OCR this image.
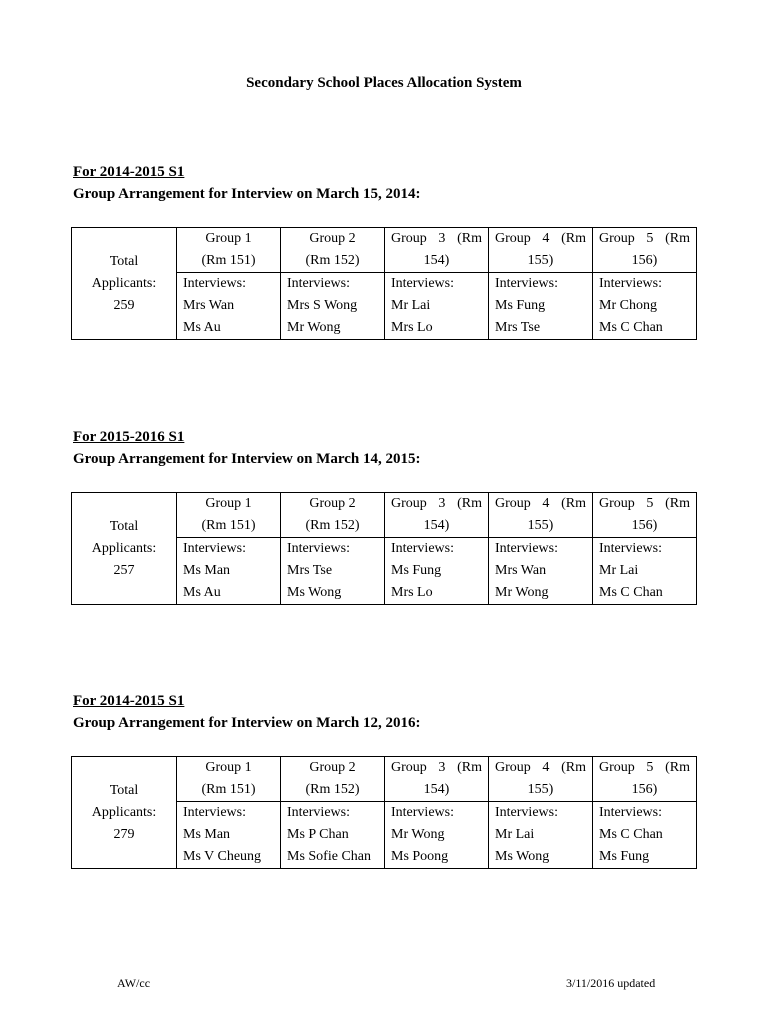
Secondary School Places Allocation System
For 2014-2015 S1
Group Arrangement for Interview on March 15, 2014:
Total
Applicants:
259	Group 1
(Rm 151)	Group 2
(Rm 152)	Group 3 (Rm
154)	Group 4 (Rm
155)	Group 5 (Rm
156)

	Interviews:
Mrs Wan
Ms Au	Interviews:
Mrs S Wong
Mr Wong	Interviews:
Mr Lai
Mrs Lo	Interviews:
Ms Fung
Mrs Tse	Interviews:
Mr Chong
Ms C Chan
For 2015-2016 S1
Group Arrangement for Interview on March 14, 2015:
Total
Applicants:
257	Group 1
(Rm 151)	Group 2
(Rm 152)	Group 3 (Rm
154)	Group 4 (Rm
155)	Group 5 (Rm
156)

	Interviews:
Ms Man
Ms Au	Interviews:
Mrs Tse
Ms Wong	Interviews:
Ms Fung
Mrs Lo	Interviews:
Mrs Wan
Mr Wong	Interviews:
Mr Lai
Ms C Chan
For 2014-2015 S1
Group Arrangement for Interview on March 12, 2016:
Total
Applicants:
279	Group 1
(Rm 151)	Group 2
(Rm 152)	Group 3 (Rm
154)	Group 4 (Rm
155)	Group 5 (Rm
156)

	Interviews:
Ms Man
Ms V Cheung	Interviews:
Ms P Chan
Ms Sofie Chan	Interviews:
Mr Wong
Ms Poong	Interviews:
Mr Lai
Ms Wong	Interviews:
Ms C Chan
Ms Fung
AW/cc	3/11/2016 updated
